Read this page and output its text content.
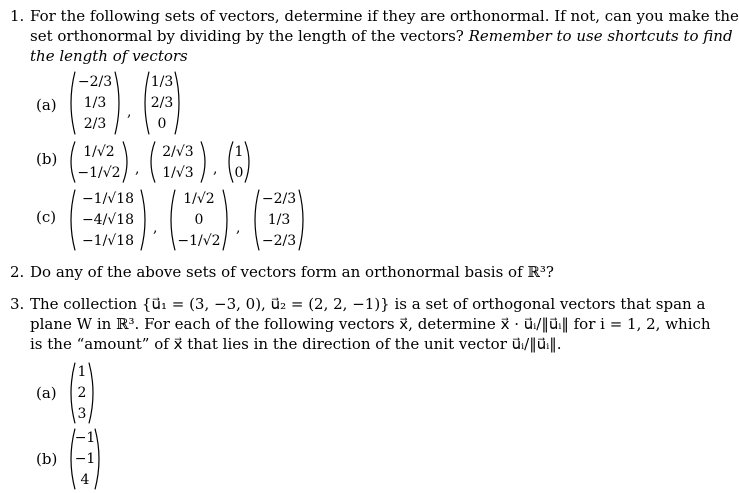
1. For the following sets of vectors, determine if they are orthonormal. If not, can you make the
set orthonormal by dividing by the length of the vectors? Remember to use shortcuts to find
the length of vectors
(a)
−2/3
1/3
2/3
,
1/3
2/3
0
(b) 1/√2
−1/√2 ,
2/√3
1/√3 ,
1
0
(c)
−1/√18
−4/√18
−1/√18
,
1/√2
0
−1/√2
,
−2/3
1/3
−2/3
2. Do any of the above sets of vectors form an orthonormal basis of ℝ³?
3. The collection {u⃗₁ = (3, −3, 0), u⃗₂ = (2, 2, −1)} is a set of orthogonal vectors that span a
plane W in ℝ³. For each of the following vectors x⃗, determine x⃗ · u⃗ᵢ/‖u⃗ᵢ‖ for i = 1, 2, which
is the “amount” of x⃗ that lies in the direction of the unit vector u⃗ᵢ/‖u⃗ᵢ‖.
(a)
1
2
3
(b)
−1
−1
4
